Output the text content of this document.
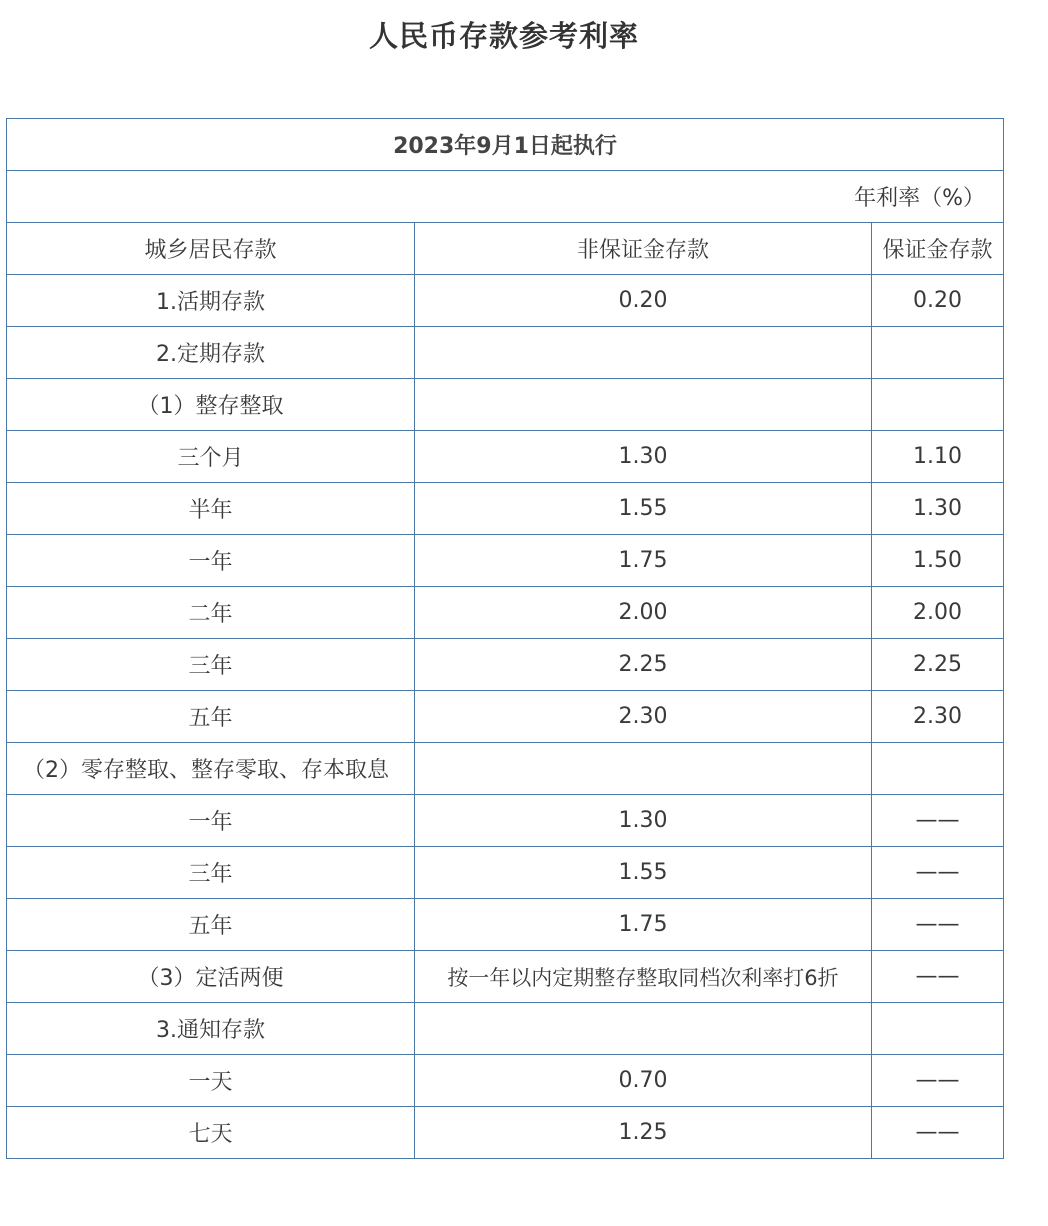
人民币存款参考利率
2023年9月1日起执行		
年利率（%）		
城乡居民存款	非保证金存款	保证金存款
1.活期存款	0.20	0.20
2.定期存款		
（1）整存整取		
三个月	1.30	1.10
半年	1.55	1.30
一年	1.75	1.50
二年	2.00	2.00
三年	2.25	2.25
五年	2.30	2.30
（2）零存整取、整存零取、存本取息		
一年	1.30	——
三年	1.55	——
五年	1.75	——
（3）定活两便	按一年以内定期整存整取同档次利率打6折	——
3.通知存款		
一天	0.70	——
七天	1.25	——
